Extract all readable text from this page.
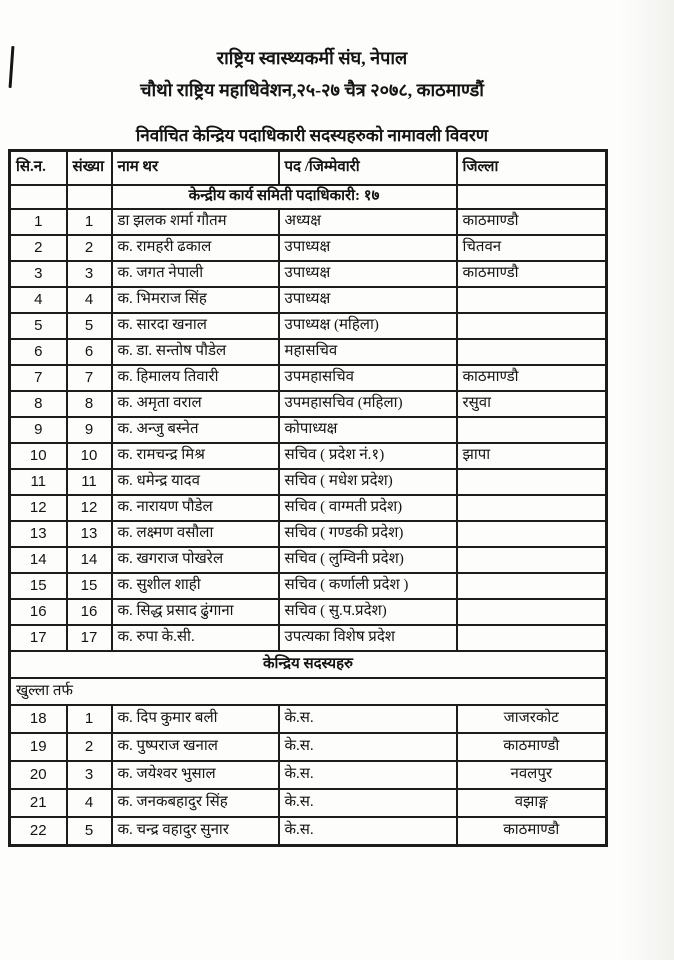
राष्ट्रिय स्वास्थ्यकर्मी संघ, नेपाल
चौथो राष्ट्रिय महाधिवेशन,२५-२७ चैत्र २०७८, काठमाण्डौं
निर्वाचित केन्द्रिय पदाधिकारी सदस्यहरुको नामावली विवरण
सि.न.	संख्या	नाम थर	पद /जिम्मेवारी	जिल्ला
		केन्द्रीय कार्य समिती पदाधिकारी: १७		
1	1	डा झलक शर्मा गौतम	अध्यक्ष	काठमाण्डौ
2	2	क. रामहरी ढकाल	उपाध्यक्ष	चितवन
3	3	क. जगत नेपाली	उपाध्यक्ष	काठमाण्डौ
4	4	क. भिमराज सिंह	उपाध्यक्ष	
5	5	क. सारदा खनाल	उपाध्यक्ष (महिला)	
6	6	क. डा. सन्तोष पौडेल	महासचिव	
7	7	क. हिमालय तिवारी	उपमहासचिव	काठमाण्डौ
8	8	क. अमृता वराल	उपमहासचिव (महिला)	रसुवा
9	9	क. अन्जु बस्नेत	कोपाध्यक्ष	
10	10	क. रामचन्द्र मिश्र	सचिव ( प्रदेश नं.१)	झापा
11	11	क. धमेन्द्र यादव	सचिव ( मधेश प्रदेश)	
12	12	क. नारायण पौडेल	सचिव ( वाग्मती प्रदेश)	
13	13	क. लक्ष्मण वसौला	सचिव ( गण्डकी प्रदेश)	
14	14	क. खगराज पोखरेल	सचिव ( लुम्विनी प्रदेश)	
15	15	क. सुशील शाही	सचिव ( कर्णाली प्रदेश )	
16	16	क. सिद्ध प्रसाद ढुंगाना	सचिव ( सु.प.प्रदेश)	
17	17	क. रुपा के.सी.	उपत्यका विशेष प्रदेश	
केन्द्रिय सदस्यहरु				
खुल्ला तर्फ				
18	1	क. दिप कुमार बली	के.स.	जाजरकोट
19	2	क. पुष्पराज खनाल	के.स.	काठमाण्डौ
20	3	क. जयेश्वर भुसाल	के.स.	नवलपुर
21	4	क. जनकबहादुर सिंह	के.स.	वझाङ्ग
22	5	क. चन्द्र वहादुर सुनार	के.स.	काठमाण्डौ
